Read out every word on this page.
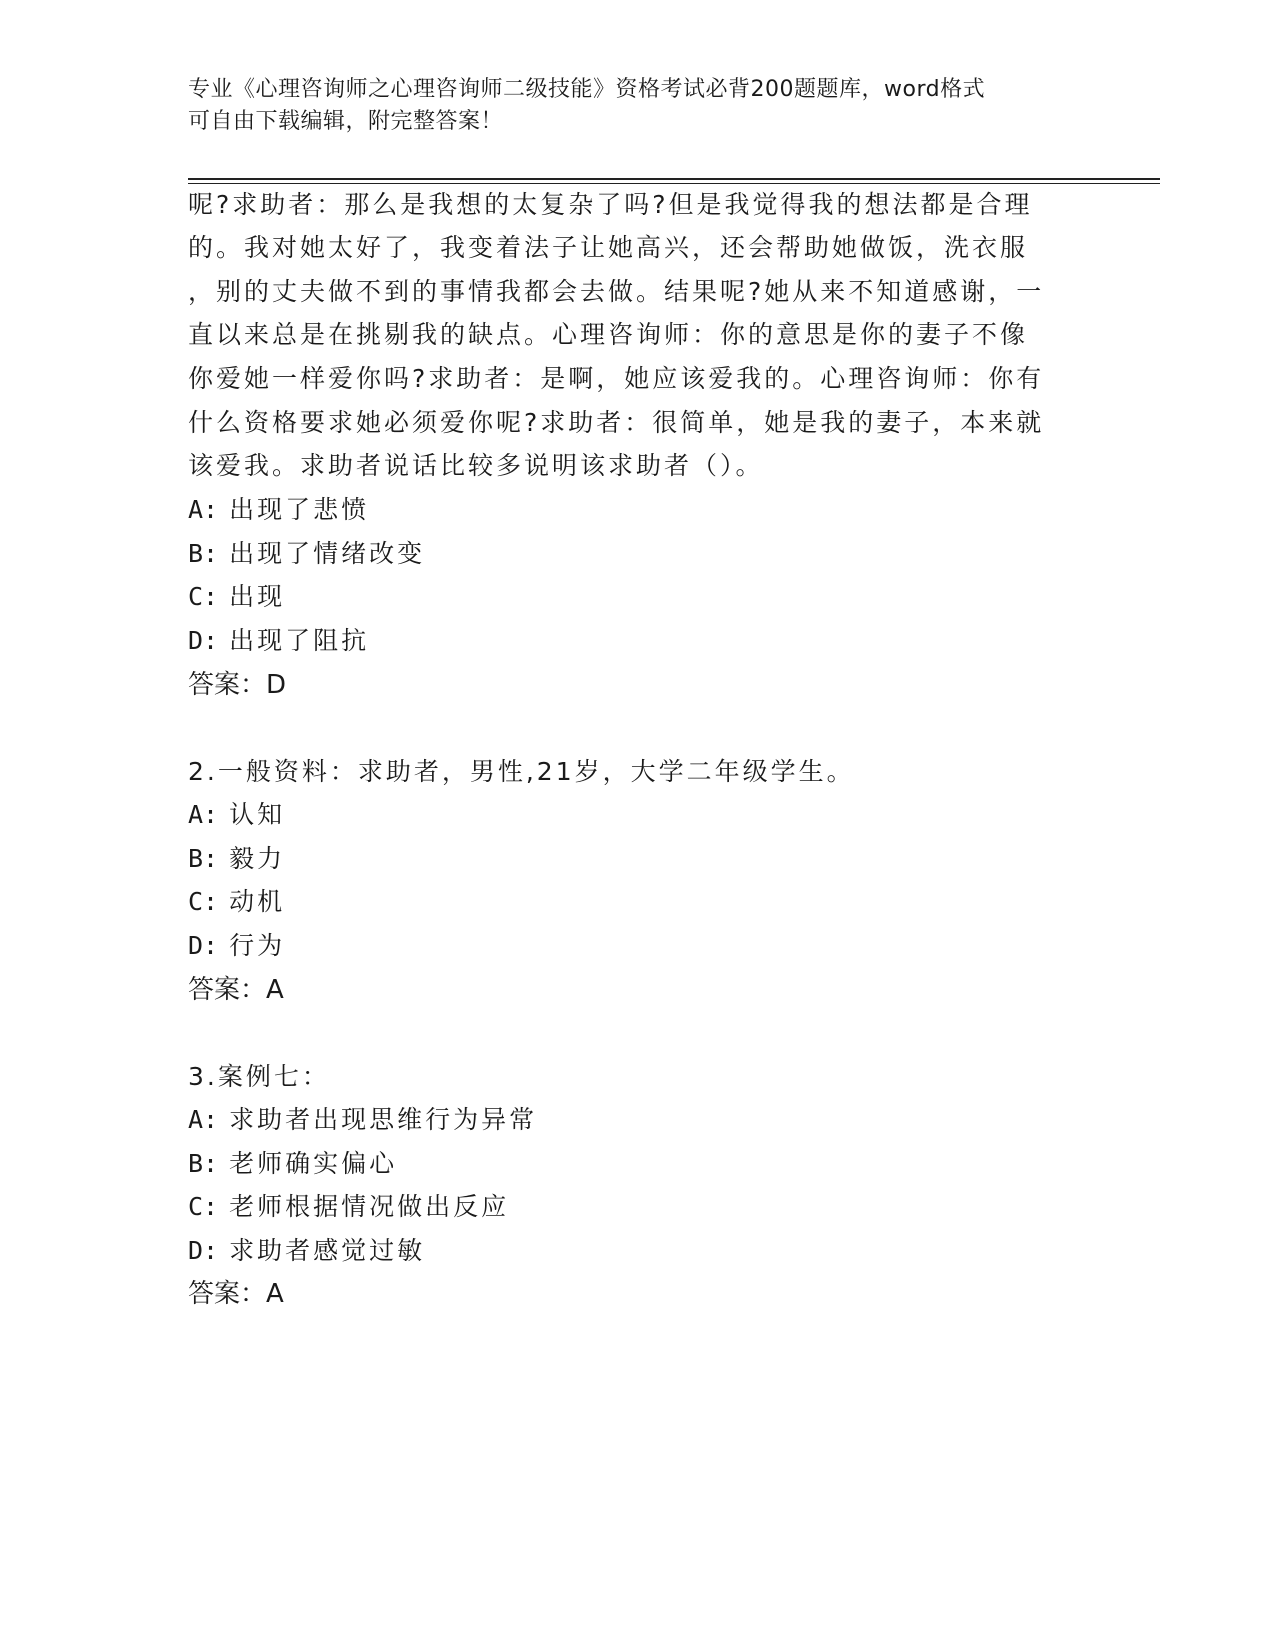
专业《心理咨询师之心理咨询师二级技能》资格考试必背200题题库，word格式
可自由下载编辑，附完整答案！
呢?求助者：那么是我想的太复杂了吗?但是我觉得我的想法都是合理
的。我对她太好了，我变着法子让她高兴，还会帮助她做饭，洗衣服
，别的丈夫做不到的事情我都会去做。结果呢?她从来不知道感谢，一
直以来总是在挑剔我的缺点。心理咨询师：你的意思是你的妻子不像
你爱她一样爱你吗?求助者：是啊，她应该爱我的。心理咨询师：你有
什么资格要求她必须爱你呢?求助者：很简单，她是我的妻子，本来就
该爱我。求助者说话比较多说明该求助者（）。
A: 出现了悲愤
B: 出现了情绪改变
C: 出现
D: 出现了阻抗
答案：D
2.一般资料：求助者，男性,21岁，大学二年级学生。
A: 认知
B: 毅力
C: 动机
D: 行为
答案：A
3.案例七：
A: 求助者出现思维行为异常
B: 老师确实偏心
C: 老师根据情况做出反应
D: 求助者感觉过敏
答案：A
